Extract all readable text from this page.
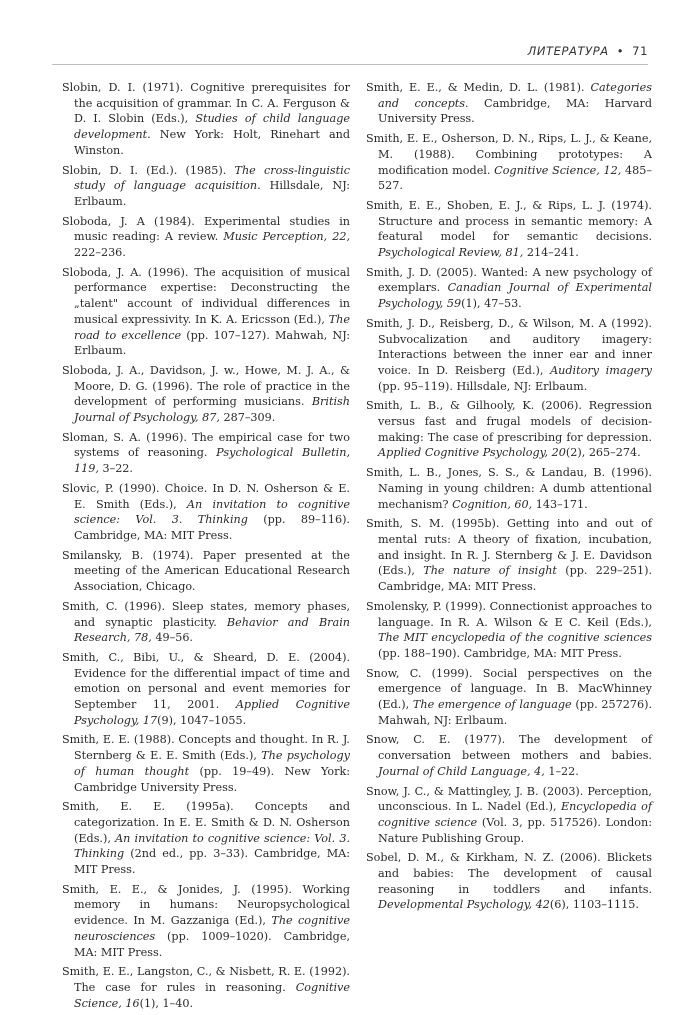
ЛИТЕРАТУРА • 71

Slobin, D. I. (1971). Cognitive prerequisites for the acquisition of grammar. In C. A. Ferguson & D. I. Slobin (Eds.), Studies of child language development. New York: Holt, Rinehart and Winston.

Slobin, D. I. (Ed.). (1985). The cross-linguistic study of language acquisition. Hillsdale, NJ: Erlbaum.

Sloboda, J. A (1984). Experimental studies in music reading: A review. Music Perception, 22, 222–236.

Sloboda, J. A. (1996). The acquisition of musical performance expertise: Deconstructing the „talent" account of individual differences in musical expressivity. In K. A. Ericsson (Ed.), The road to excellence (pp. 107–127). Mahwah, NJ: Erlbaum.

Sloboda, J. A., Davidson, J. w., Howe, M. J. A., & Moore, D. G. (1996). The role of practice in the development of performing musicians. British Journal of Psychology, 87, 287–309.

Sloman, S. A. (1996). The empirical case for two systems of reasoning. Psychological Bulletin, 119, 3–22.

Slovic, P. (1990). Choice. In D. N. Osherson & E. E. Smith (Eds.), An invitation to cognitive science: Vol. 3. Thinking (pp. 89–116). Cambridge, MA: MIT Press.

Smilansky, B. (1974). Paper presented at the meeting of the American Educational Research Association, Chicago.

Smith, C. (1996). Sleep states, memory phases, and synaptic plasticity. Behavior and Brain Research, 78, 49–56.

Smith, C., Bibi, U., & Sheard, D. E. (2004). Evidence for the differential impact of time and emotion on personal and event memories for September 11, 2001. Applied Cognitive Psychology, 17(9), 1047–1055.

Smith, E. E. (1988). Concepts and thought. In R. J. Sternberg & E. E. Smith (Eds.), The psychology of human thought (pp. 19–49). New York: Cambridge University Press.

Smith, E. E. (1995a). Concepts and categorization. In E. E. Smith & D. N. Osherson (Eds.), An invitation to cognitive science: Vol. 3. Thinking (2nd ed., pp. 3–33). Cambridge, MA: MIT Press.

Smith, E. E., & Jonides, J. (1995). Working memory in humans: Neuropsychological evidence. In M. Gazzaniga (Ed.), The cognitive neurosciences (pp. 1009–1020). Cambridge, MA: MIT Press.

Smith, E. E., Langston, C., & Nisbett, R. E. (1992). The case for rules in reasoning. Cognitive Science, 16(1), 1–40.

Smith, E. E., & Medin, D. L. (1981). Categories and concepts. Cambridge, MA: Harvard University Press.

Smith, E. E., Osherson, D. N., Rips, L. J., & Keane, M. (1988). Combining prototypes: A modification model. Cognitive Science, 12, 485–527.

Smith, E. E., Shoben, E. J., & Rips, L. J. (1974). Structure and process in semantic memory: A featural model for semantic decisions. Psychological Review, 81, 214–241.

Smith, J. D. (2005). Wanted: A new psychology of exemplars. Canadian Journal of Experimental Psychology, 59(1), 47–53.

Smith, J. D., Reisberg, D., & Wilson, M. A (1992). Subvocalization and auditory imagery: Interactions between the inner ear and inner voice. In D. Reisberg (Ed.), Auditory imagery (pp. 95–119). Hillsdale, NJ: Erlbaum.

Smith, L. B., & Gilhooly, K. (2006). Regression versus fast and frugal models of decision-making: The case of prescribing for depression. Applied Cognitive Psychology, 20(2), 265–274.

Smith, L. B., Jones, S. S., & Landau, B. (1996). Naming in young children: A dumb attentional mechanism? Cognition, 60, 143–171.

Smith, S. M. (1995b). Getting into and out of mental ruts: A theory of fixation, incubation, and insight. In R. J. Sternberg & J. E. Davidson (Eds.), The nature of insight (pp. 229–251). Cambridge, MA: MIT Press.

Smolensky, P. (1999). Connectionist approaches to language. In R. A. Wilson & E C. Keil (Eds.), The MIT encyclopedia of the cognitive sciences (pp. 188–190). Cambridge, MA: MIT Press.

Snow, C. (1999). Social perspectives on the emergence of language. In B. MacWhinney (Ed.), The emergence of language (pp. 257276). Mahwah, NJ: Erlbaum.

Snow, C. E. (1977). The development of conversation between mothers and babies. Journal of Child Language, 4, 1–22.

Snow, J. C., & Mattingley, J. B. (2003). Perception, unconscious. In L. Nadel (Ed.), Encyclopedia of cognitive science (Vol. 3, pp. 517526). London: Nature Publishing Group.

Sobel, D. M., & Kirkham, N. Z. (2006). Blickets and babies: The development of causal reasoning in toddlers and infants. Developmental Psychology, 42(6), 1103–1115.
